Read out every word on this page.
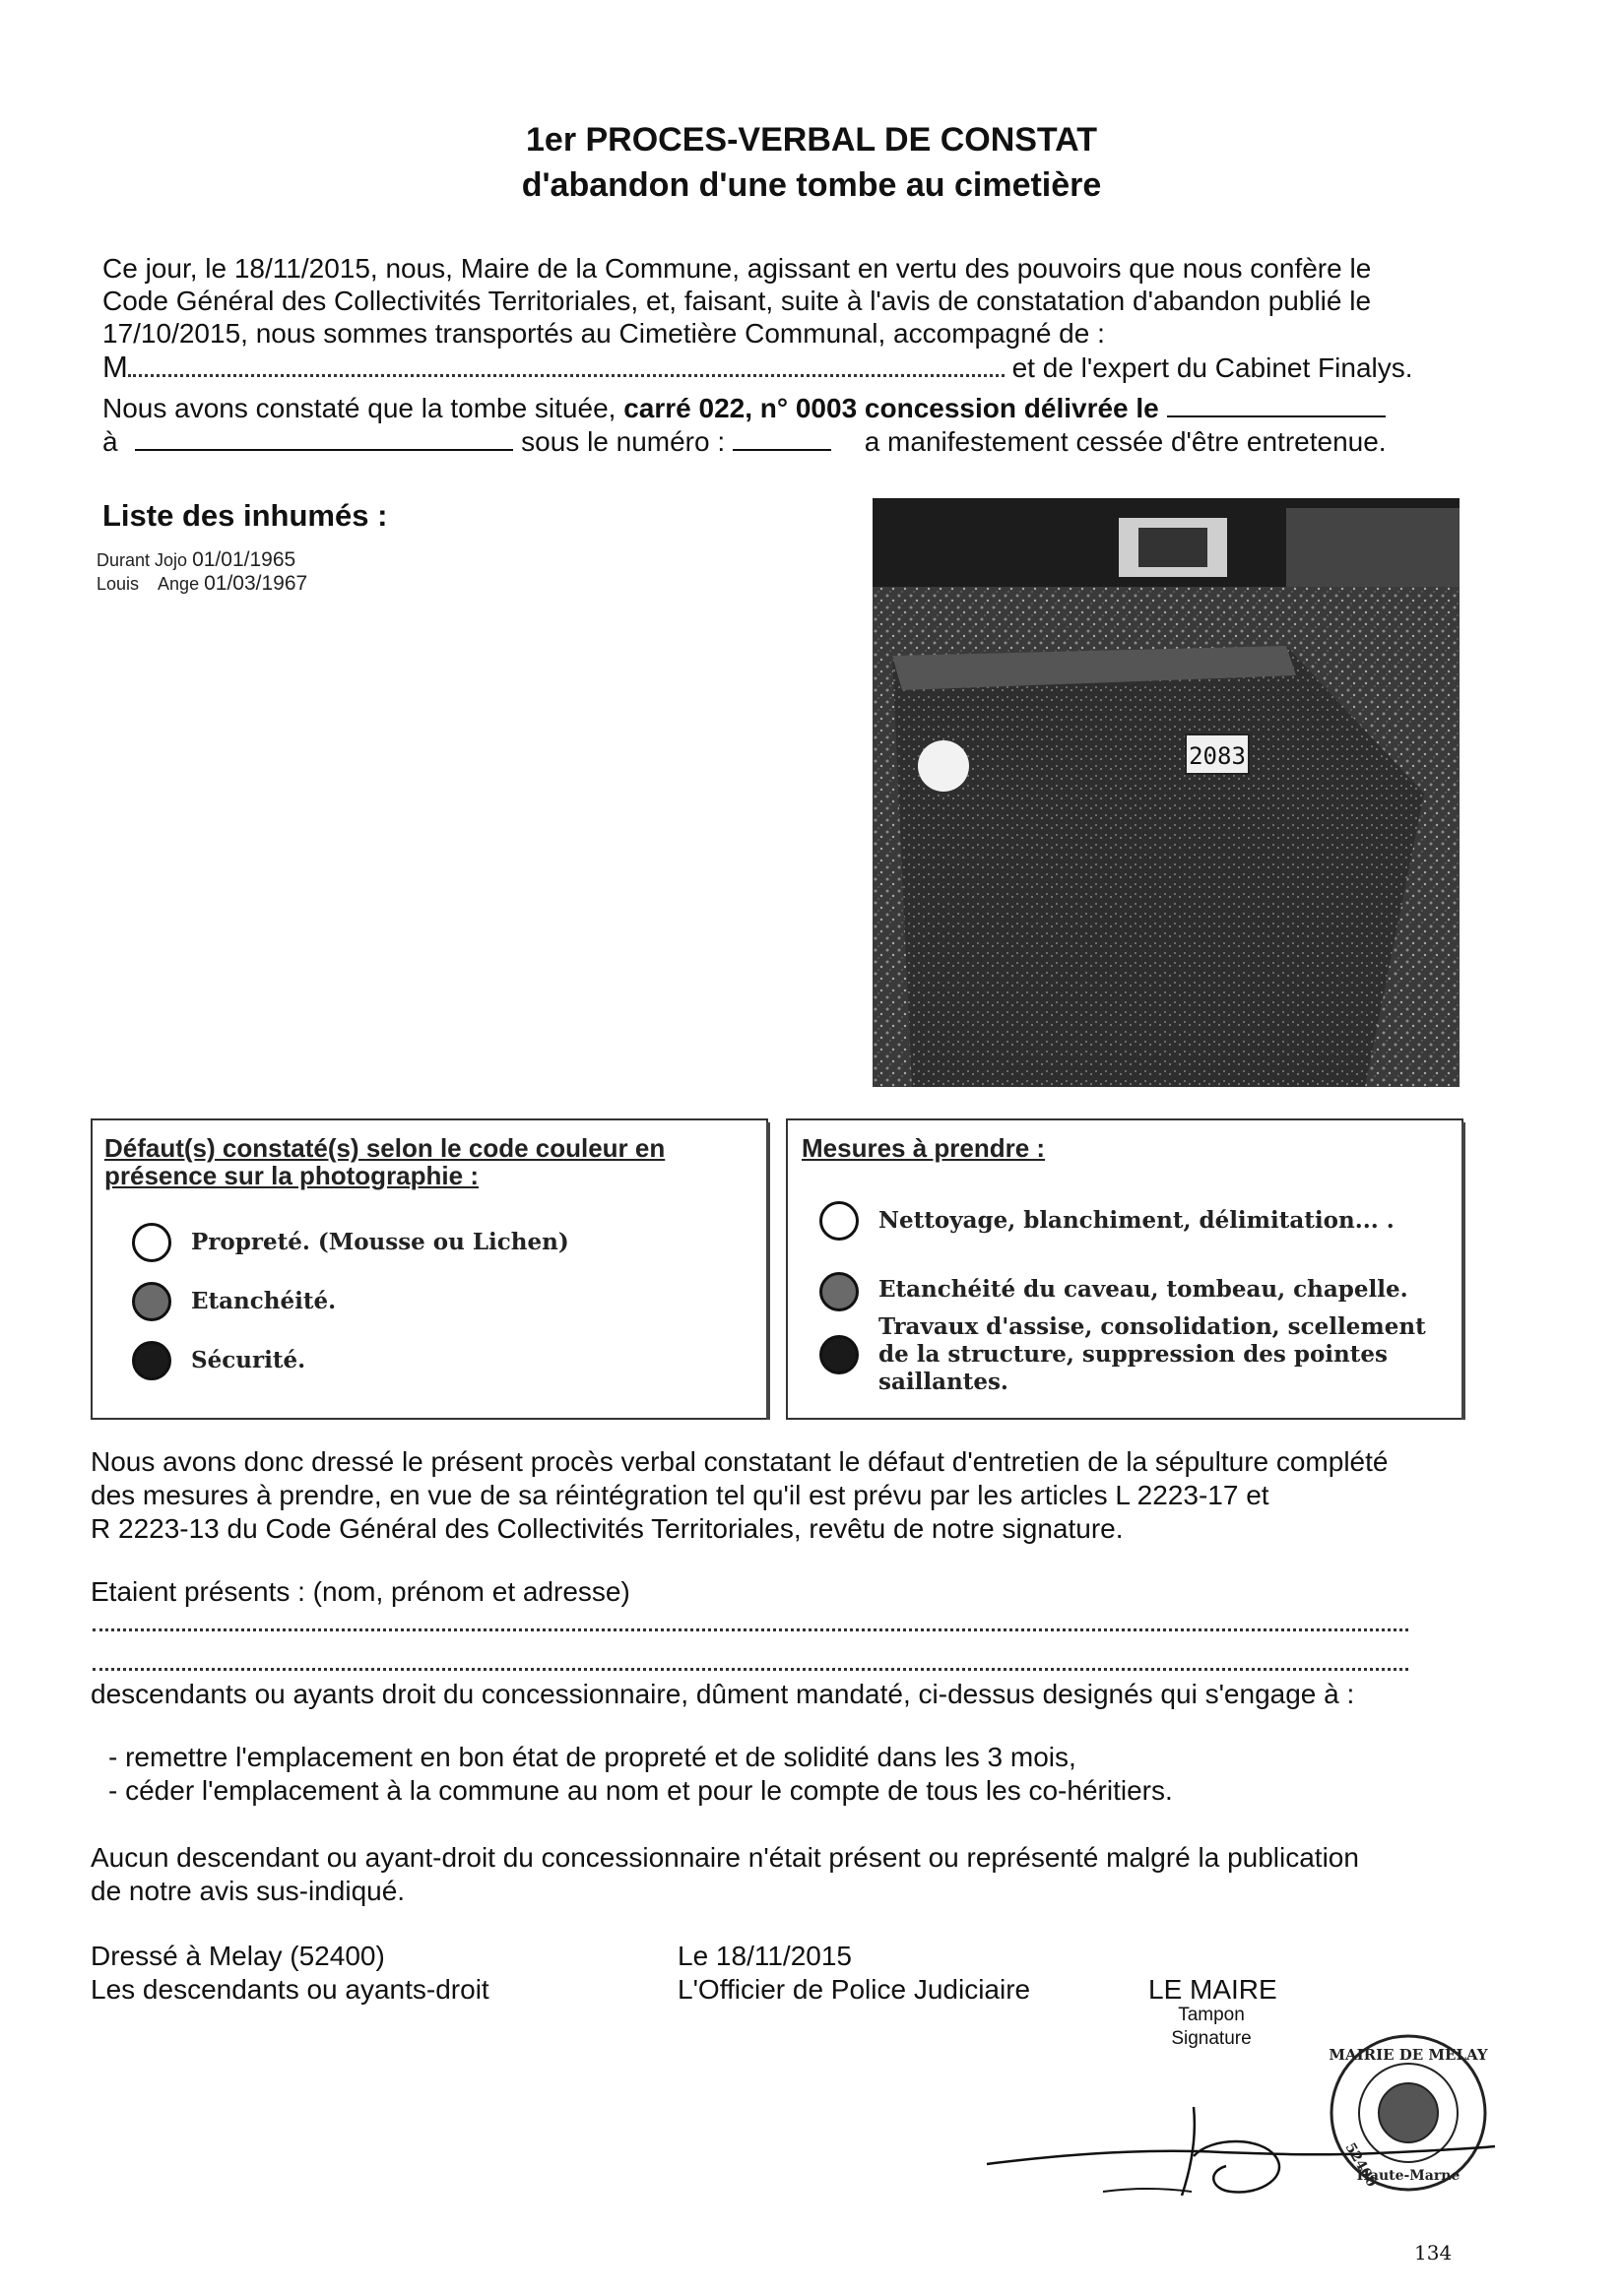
1er PROCES-VERBAL DE CONSTAT
d'abandon d'une tombe au cimetière
Ce jour, le 18/11/2015, nous, Maire de la Commune, agissant en vertu des pouvoirs que nous confère le
Code Général des Collectivités Territoriales, et, faisant, suite à l'avis de constatation d'abandon publié le
17/10/2015, nous sommes transportés au Cimetière Communal, accompagné de :
M	et de l'expert du Cabinet Finalys.
Nous avons constaté que la tombe située, carré 022, n° 0003 concession délivrée le
à	sous le numéro :	a manifestement cessée d'être entretenue.
Liste des inhumés :
Durant Jojo 01/01/1965
Louis    Ange 01/03/1967
2083
Défaut(s) constaté(s) selon le code couleur en
présence sur la photographie :
Propreté. (Mousse ou Lichen)
Etanchéité.
Sécurité.
Mesures à prendre :
Nettoyage, blanchiment, délimitation... .
Etanchéité du caveau, tombeau, chapelle.
Travaux d'assise, consolidation, scellement
de la structure, suppression des pointes
saillantes.
Nous avons donc dressé le présent procès verbal constatant le défaut d'entretien de la sépulture complété
des mesures à prendre, en vue de sa réintégration tel qu'il est prévu par les articles L 2223-17 et
R 2223-13 du Code Général des Collectivités Territoriales, revêtu de notre signature.
Etaient présents : (nom, prénom et adresse)
descendants ou ayants droit du concessionnaire, dûment mandaté, ci-dessus designés qui s'engage à :
- remettre l'emplacement en bon état de propreté et de solidité dans les 3 mois,
- céder l'emplacement à la commune au nom et pour le compte de tous les co-héritiers.
Aucun descendant ou ayant-droit du concessionnaire n'était présent ou représenté malgré la publication
de notre avis sus-indiqué.
Dressé à Melay (52400)
Les descendants ou ayants-droit
Le 18/11/2015
L'Officier de Police Judiciaire	LE MAIRE
Tampon
Signature
MAIRIE DE MELAY
52400
Haute-Marne
134
